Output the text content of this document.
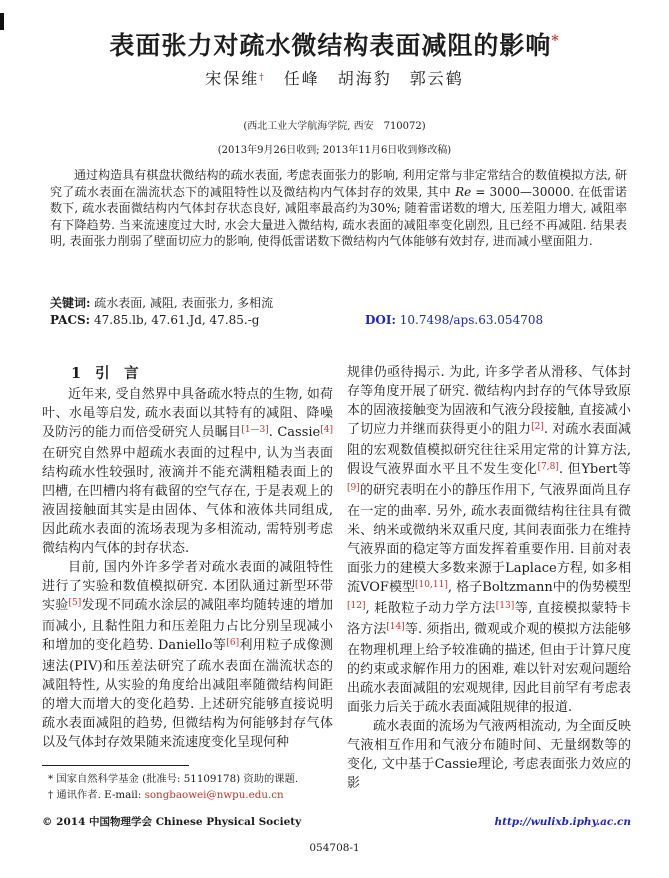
表面张力对疏水微结构表面减阻的影响*
宋保维†　 任峰　 胡海豹　 郭云鹤
(西北工业大学航海学院, 西安　710072)
(2013年9月26日收到; 2013年11月6日收到修改稿)

通过构造具有棋盘状微结构的疏水表面, 考虑表面张力的影响, 利用定常与非定常结合的数值模拟方法, 研究了疏水表面在湍流状态下的减阻特性以及微结构内气体封存的效果, 其中 Re = 3000—30000. 在低雷诺数下, 疏水表面微结构内气体封存状态良好, 减阻率最高约为30%; 随着雷诺数的增大, 压差阻力增大, 减阻率有下降趋势. 当来流速度过大时, 水会大量进入微结构, 疏水表面的减阻率变化剧烈, 且已经不再减阻. 结果表明, 表面张力削弱了壁面切应力的影响, 使得低雷诺数下微结构内气体能够有效封存, 进而减小壁面阻力.

关键词: 疏水表面, 减阻, 表面张力, 多相流
PACS: 47.85.lb, 47.61.Jd, 47.85.-g	DOI: 10.7498/aps.63.054708

1 引　言

近年来, 受自然界中具备疏水特点的生物, 如荷叶、水黾等启发, 疏水表面以其特有的减阻、降噪及防污的能力而倍受研究人员瞩目[1—3]. Cassie[4]在研究自然界中超疏水表面的过程中, 认为当表面结构疏水性较强时, 液滴并不能充满粗糙表面上的凹槽, 在凹槽内将有截留的空气存在, 于是表观上的液固接触面其实是由固体、气体和液体共同组成, 因此疏水表面的流场表现为多相流动, 需特别考虑微结构内气体的封存状态.

目前, 国内外许多学者对疏水表面的减阻特性进行了实验和数值模拟研究. 本团队通过新型环带实验[5]发现不同疏水涂层的减阻率均随转速的增加而减小, 且黏性阻力和压差阻力占比分别呈现减小和增加的变化趋势. Daniello等[6]利用粒子成像测速法(PIV)和压差法研究了疏水表面在湍流状态的减阻特性, 从实验的角度给出减阻率随微结构间距的增大而增大的变化趋势. 上述研究能够直接说明疏水表面减阻的趋势, 但微结构为何能够封存气体以及气体封存效果随来流速度变化呈现何种

规律仍亟待揭示. 为此, 许多学者从滑移、气体封存等角度开展了研究. 微结构内封存的气体导致原本的固液接触变为固液和气液分段接触, 直接减小了切应力并继而获得更小的阻力[2]. 对疏水表面减阻的宏观数值模拟研究往往采用定常的计算方法, 假设气液界面水平且不发生变化[7,8]. 但Ybert等[9]的研究表明在小的静压作用下, 气液界面尚且存在一定的曲率. 另外, 疏水表面微结构往往具有微米、纳米或微纳米双重尺度, 其间表面张力在维持气液界面的稳定等方面发挥着重要作用. 目前对表面张力的建模大多数来源于Laplace方程, 如多相流VOF模型[10,11], 格子Boltzmann中的伪势模型[12], 耗散粒子动力学方法[13]等, 直接模拟蒙特卡洛方法[14]等. 须指出, 微观或介观的模拟方法能够在物理机理上给予较准确的描述, 但由于计算尺度的约束或求解作用力的困难, 难以针对宏观问题给出疏水表面减阻的宏观规律, 因此目前罕有考虑表面张力后关于疏水表面减阻规律的报道.

疏水表面的流场为气液两相流动, 为全面反映气液相互作用和气液分布随时间、无量纲数等的变化, 文中基于Cassie理论, 考虑表面张力效应的影

* 国家自然科学基金 (批准号: 51109178) 资助的课题.
† 通讯作者. E-mail: songbaowei@nwpu.edu.cn
© 2014 中国物理学会 Chinese Physical Society	http://wulixb.iphy.ac.cn
054708-1
